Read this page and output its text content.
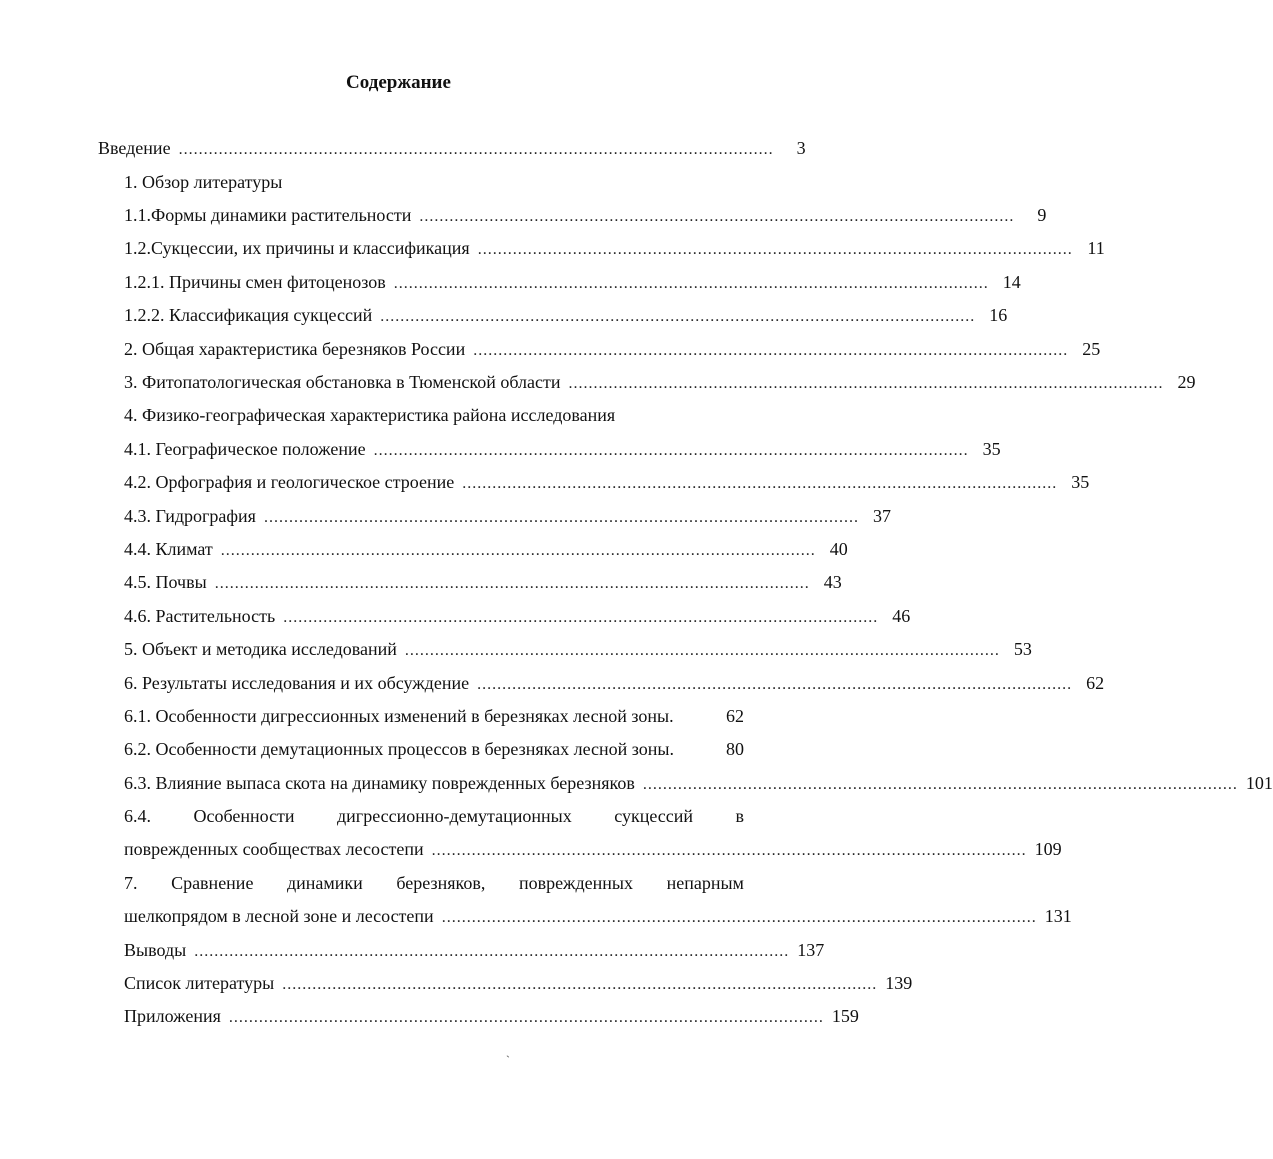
Содержание
Введение .......................................................................................................................	3
1. Обзор литературы
1.1.Формы динамики растительности .......................................................................................................................	9
1.2.Сукцессии, их причины и классификация ....................................................................................................................... 11
1.2.1. Причины смен фитоценозов ....................................................................................................................... 14
1.2.2. Классификация сукцессий ....................................................................................................................... 16
2. Общая характеристика березняков России ....................................................................................................................... 25
3. Фитопатологическая обстановка в Тюменской области ....................................................................................................................... 29
4. Физико-географическая характеристика района исследования
4.1. Географическое положение ....................................................................................................................... 35
4.2. Орфография и геологическое строение ....................................................................................................................... 35
4.3. Гидрография ....................................................................................................................... 37
4.4. Климат ....................................................................................................................... 40
4.5. Почвы ....................................................................................................................... 43
4.6. Растительность ....................................................................................................................... 46
5. Объект и методика исследований ....................................................................................................................... 53
6. Результаты исследования и их обсуждение ....................................................................................................................... 62
6.1. Особенности дигрессионных изменений в березняках лесной зоны.	62
6.2. Особенности демутационных процессов в березняках лесной зоны.	80
6.3. Влияние выпаса скота на динамику поврежденных березняков ....................................................................................................................... 101
6.4. Особенности дигрессионно-демутационных сукцессий в
поврежденных сообществах лесостепи ....................................................................................................................... 109
7. Сравнение динамики березняков, поврежденных непарным
шелкопрядом в лесной зоне и лесостепи ....................................................................................................................... 131
Выводы ....................................................................................................................... 137
Список литературы ....................................................................................................................... 139
Приложения ....................................................................................................................... 159
`
